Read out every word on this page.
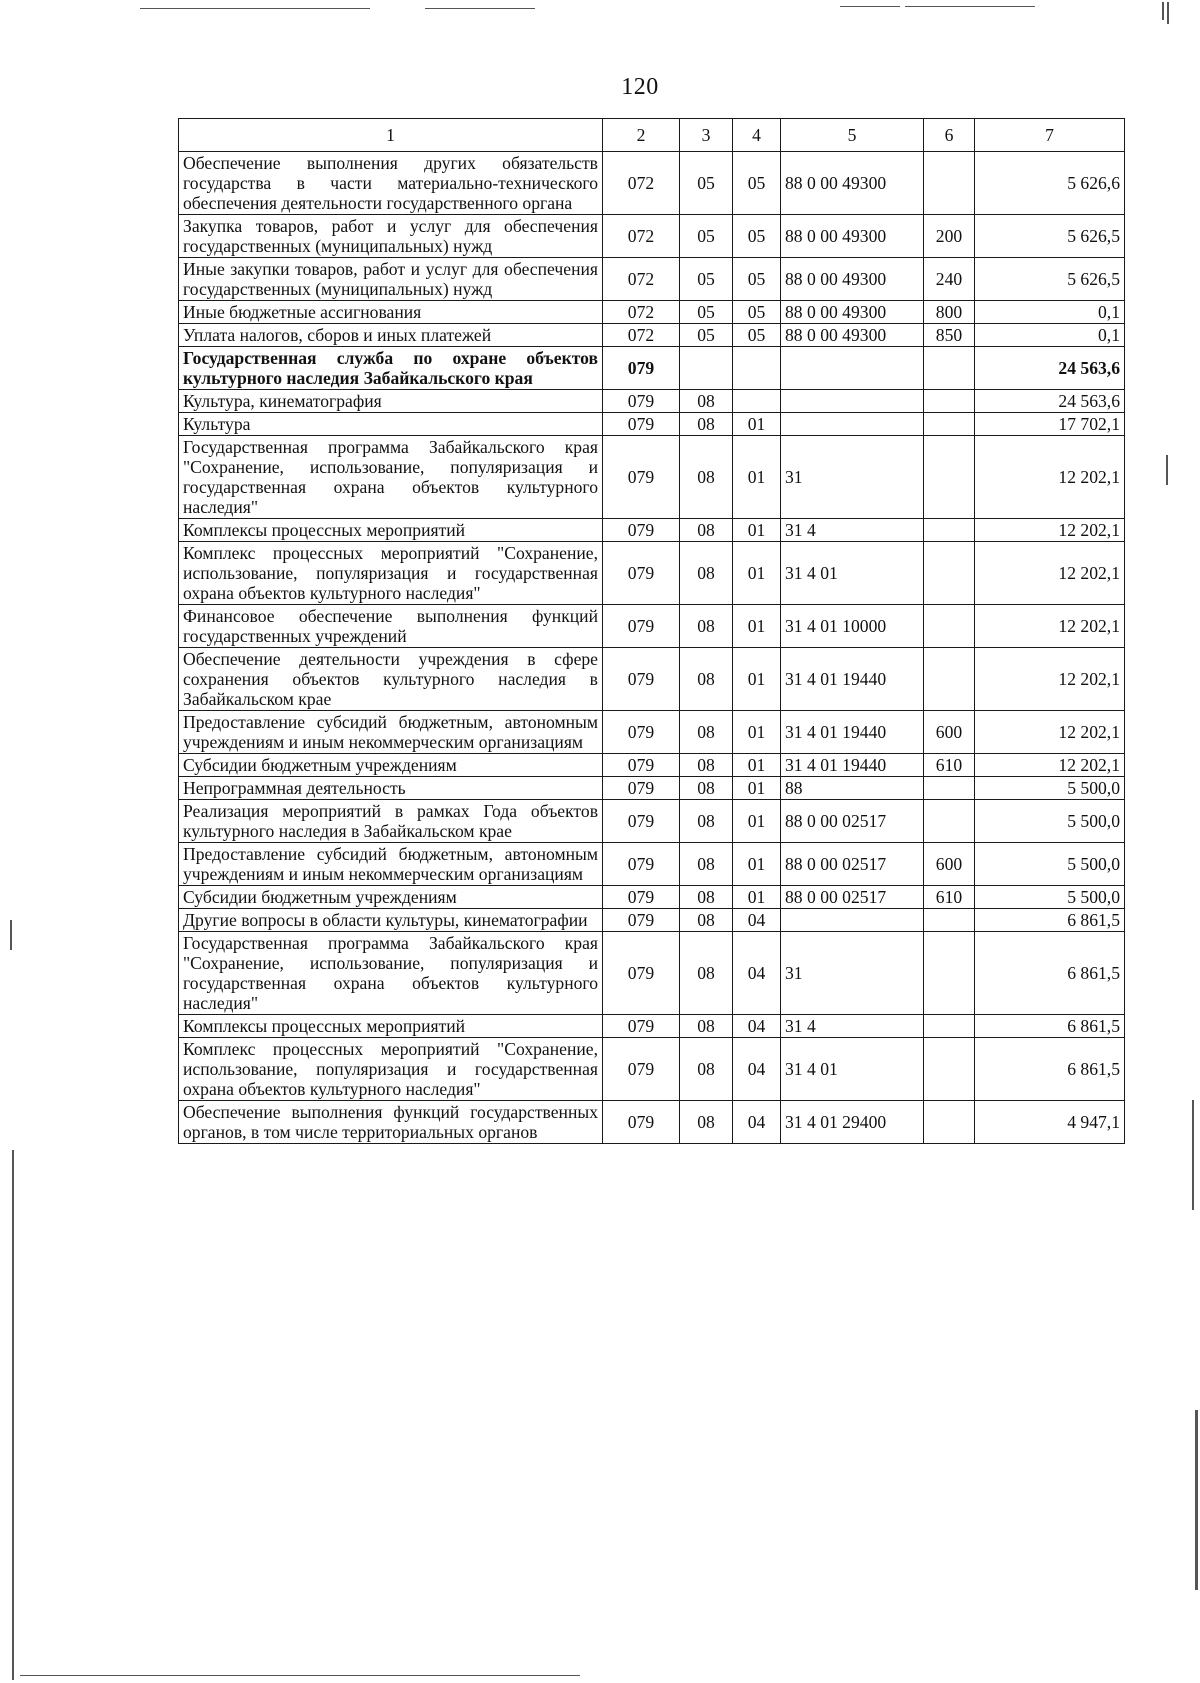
120
1	2	3	4	5	6	7
Обеспечение выполнения других обязательств государства в части материально-технического обеспечения деятельности государственного органа	072	05	05	88 0 00 49300		5 626,6
Закупка товаров, работ и услуг для обеспечения государственных (муниципальных) нужд	072	05	05	88 0 00 49300	200	5 626,5
Иные закупки товаров, работ и услуг для обеспечения государственных (муниципальных) нужд	072	05	05	88 0 00 49300	240	5 626,5
Иные бюджетные ассигнования	072	05	05	88 0 00 49300	800	0,1
Уплата налогов, сборов и иных платежей	072	05	05	88 0 00 49300	850	0,1
Государственная служба по охране объектов культурного наследия Забайкальского края	079					24 563,6
Культура, кинематография	079	08				24 563,6
Культура	079	08	01			17 702,1
Государственная программа Забайкальского края "Сохранение, использование, популяризация и государственная охрана объектов культурного наследия"	079	08	01	31		12 202,1
Комплексы процессных мероприятий	079	08	01	31 4		12 202,1
Комплекс процессных мероприятий "Сохранение, использование, популяризация и государственная охрана объектов культурного наследия"	079	08	01	31 4 01		12 202,1
Финансовое обеспечение выполнения функций государственных учреждений	079	08	01	31 4 01 10000		12 202,1
Обеспечение деятельности учреждения в сфере сохранения объектов культурного наследия в Забайкальском крае	079	08	01	31 4 01 19440		12 202,1
Предоставление субсидий бюджетным, автономным учреждениям и иным некоммерческим организациям	079	08	01	31 4 01 19440	600	12 202,1
Субсидии бюджетным учреждениям	079	08	01	31 4 01 19440	610	12 202,1
Непрограммная деятельность	079	08	01	88		5 500,0
Реализация мероприятий в рамках Года объектов культурного наследия в Забайкальском крае	079	08	01	88 0 00 02517		5 500,0
Предоставление субсидий бюджетным, автономным учреждениям и иным некоммерческим организациям	079	08	01	88 0 00 02517	600	5 500,0
Субсидии бюджетным учреждениям	079	08	01	88 0 00 02517	610	5 500,0
Другие вопросы в области культуры, кинематографии	079	08	04			6 861,5
Государственная программа Забайкальского края "Сохранение, использование, популяризация и государственная охрана объектов культурного наследия"	079	08	04	31		6 861,5
Комплексы процессных мероприятий	079	08	04	31 4		6 861,5
Комплекс процессных мероприятий "Сохранение, использование, популяризация и государственная охрана объектов культурного наследия"	079	08	04	31 4 01		6 861,5
Обеспечение выполнения функций государственных органов, в том числе территориальных органов	079	08	04	31 4 01 29400		4 947,1
